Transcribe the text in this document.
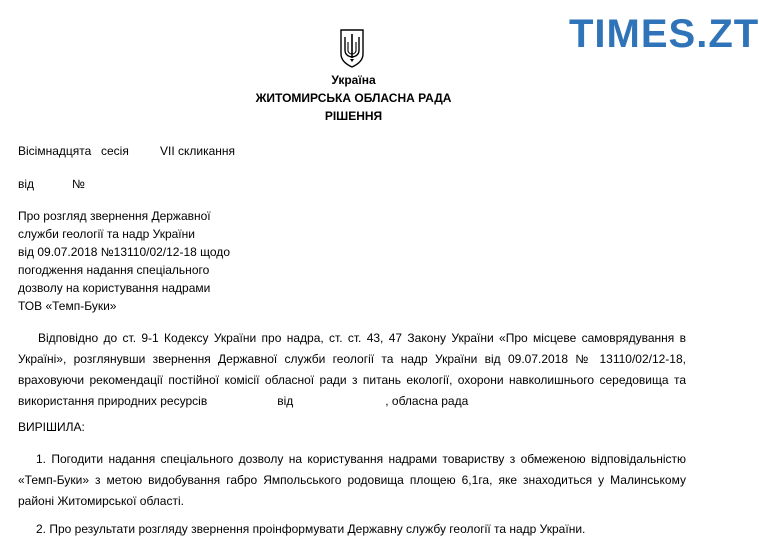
TIMES.ZT
Україна
ЖИТОМИРСЬКА ОБЛАСНА РАДА
РІШЕННЯ
Вісімнадцята сесія	VII скликання
від	№
Про розгляд звернення Державної
служби геології та надр України
від 09.07.2018 №13110/02/12-18 щодо
погодження надання спеціального
дозволу на користування надрами
ТОВ «Темп-Буки»
Відповідно до ст. 9-1 Кодексу України про надра, ст. ст. 43, 47 Закону України «Про місцеве самоврядування в Україні», розглянувши звернення Державної служби геології та надр України від 09.07.2018 № 13110/02/12-18, враховуючи рекомендації постійної комісії обласної ради з питань екології, охорони навколишнього середовища та використання природних ресурсів	від	, обласна рада
ВИРІШИЛА:
1. Погодити надання спеціального дозволу на користування надрами товариству з обмеженою відповідальністю «Темп-Буки» з метою видобування габро Ямпольського родовища площею 6,1га, яке знаходиться у Малинському районі Житомирської області.
2. Про результати розгляду звернення проінформувати Державну службу геології та надр України.
